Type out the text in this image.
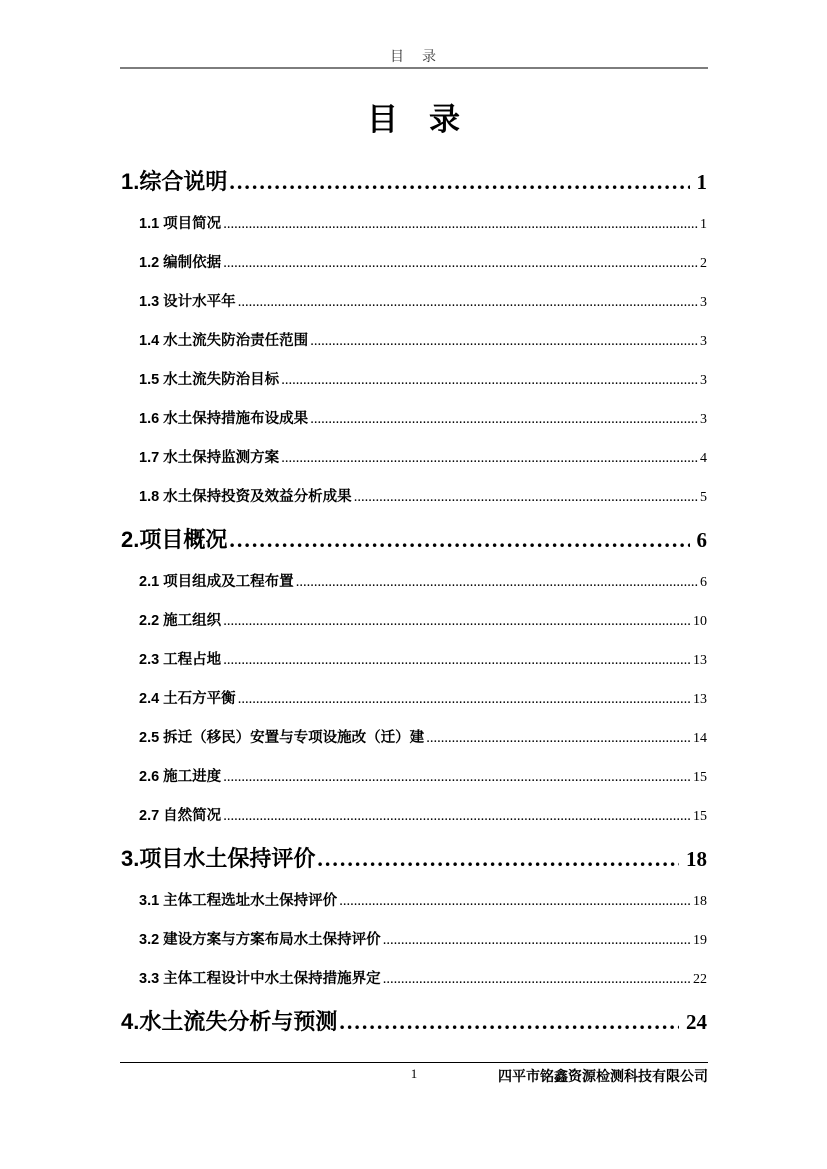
目　录
目　录
1.综合说明 .....	1
1.1 项目简况 .....	1
1.2 编制依据 .....	2
1.3 设计水平年 .....	3
1.4 水土流失防治责任范围 .....	3
1.5 水土流失防治目标 .....	3
1.6 水土保持措施布设成果 .....	3
1.7 水土保持监测方案 .....	4
1.8 水土保持投资及效益分析成果 .....	5
2.项目概况 .....	6
2.1 项目组成及工程布置 .....	6
2.2 施工组织 .....	10
2.3 工程占地 .....	13
2.4 土石方平衡 .....	13
2.5 拆迁（移民）安置与专项设施改（迁）建 .....	14
2.6 施工进度 .....	15
2.7 自然简况 .....	15
3.项目水土保持评价 .....	18
3.1 主体工程选址水土保持评价 .....	18
3.2 建设方案与方案布局水土保持评价 .....	19
3.3 主体工程设计中水土保持措施界定 .....	22
4.水土流失分析与预测 .....	24
1	四平市铭鑫资源检测科技有限公司
